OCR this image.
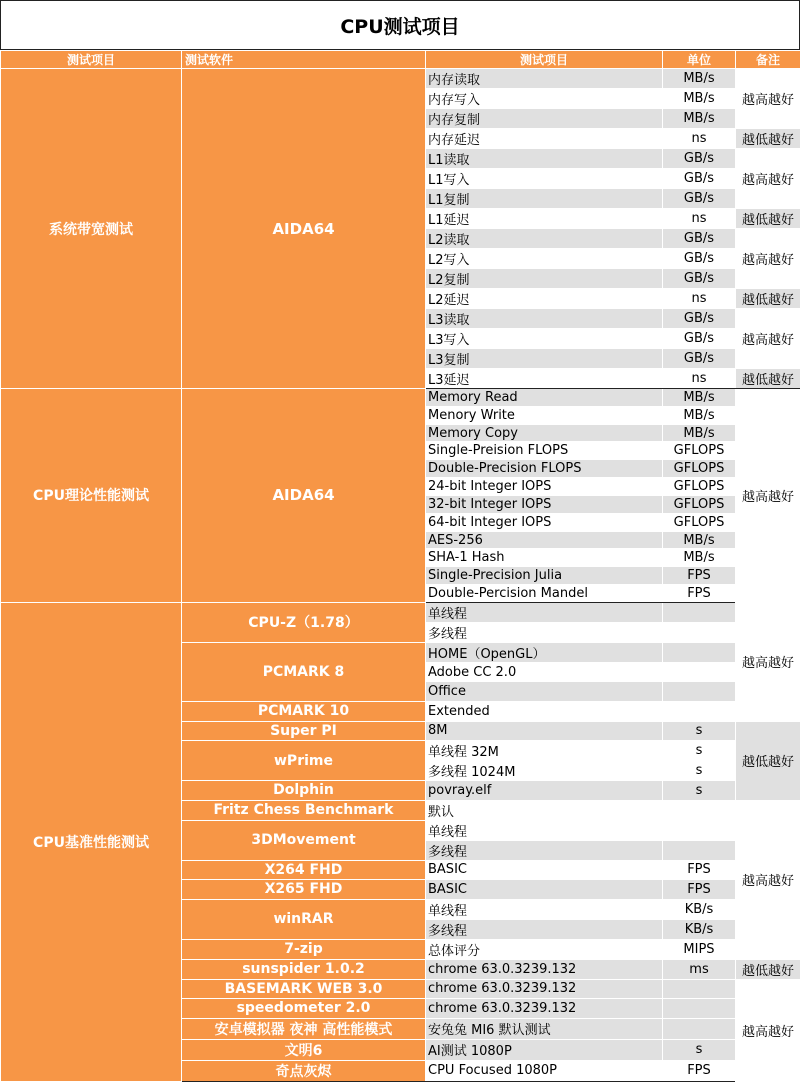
CPU测试项目
测试项目	测试软件	测试项目	单位	备注
系统带宽测试	AIDA64	内存读取	MB/s	越高越好
		内存写入	MB/s	
		内存复制	MB/s	
		内存延迟	ns	越低越好
		L1读取	GB/s	越高越好
		L1写入	GB/s	
		L1复制	GB/s	
		L1延迟	ns	越低越好
		L2读取	GB/s	越高越好
		L2写入	GB/s	
		L2复制	GB/s	
		L2延迟	ns	越低越好
		L3读取	GB/s	越高越好
		L3写入	GB/s	
		L3复制	GB/s	
		L3延迟	ns	越低越好
CPU理论性能测试	AIDA64	Memory Read	MB/s	越高越好
		Menory Write	MB/s	
		Memory Copy	MB/s	
		Single-Preision FLOPS	GFLOPS	
		Double-Precision FLOPS	GFLOPS	
		24-bit Integer IOPS	GFLOPS	
		32-bit Integer IOPS	GFLOPS	
		64-bit Integer IOPS	GFLOPS	
		AES-256	MB/s	
		SHA-1 Hash	MB/s	
		Single-Precision Julia	FPS	
		Double-Percision Mandel	FPS	
CPU基准性能测试	CPU-Z（1.78）	单线程		越高越好
		多线程		
	PCMARK 8	HOME（OpenGL）		
		Adobe CC 2.0		
		Office		
	PCMARK 10	Extended		
	Super PI	8M	s	越低越好
	wPrime	单线程 32M	s	
		多线程 1024M	s	
	Dolphin	povray.elf	s	
	Fritz Chess Benchmark	默认		越高越好
	3DMovement	单线程		
		多线程		
	X264 FHD	BASIC	FPS	
	X265 FHD	BASIC	FPS	
	winRAR	单线程	KB/s	
		多线程	KB/s	
	7-zip	总体评分	MIPS	
	sunspider 1.0.2	chrome 63.0.3239.132	ms	越低越好
	BASEMARK WEB 3.0	chrome 63.0.3239.132		越高越好
	speedometer 2.0	chrome 63.0.3239.132		
	安卓模拟器 夜神 高性能模式	安兔兔 MI6 默认测试		
	文明6	AI测试 1080P	s	
	奇点灰烬	CPU Focused 1080P	FPS	
